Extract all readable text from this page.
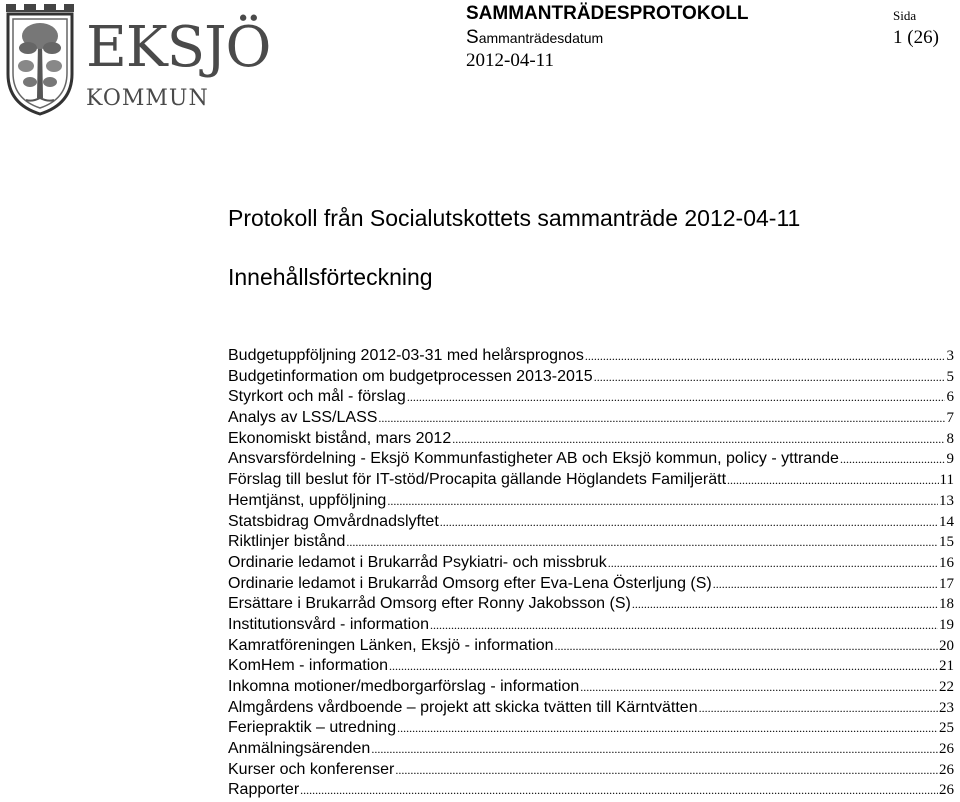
EKSJÖ
KOMMUN
SAMMANTRÄDESPROTOKOLL
Sammanträdesdatum
2012-04-11
Sida
1 (26)
Protokoll från Socialutskottets sammanträde 2012-04-11
Innehållsförteckning
Budgetuppföljning 2012-03-31 med helårsprognos .....	3
Budgetinformation om budgetprocessen 2013-2015 .....	5
Styrkort och mål - förslag .....	6
Analys av LSS/LASS .....	7
Ekonomiskt bistånd, mars 2012 .....	8
Ansvarsfördelning - Eksjö Kommunfastigheter AB och Eksjö kommun, policy - yttrande .....	9
Förslag till beslut för IT-stöd/Procapita gällande Höglandets Familjerätt .....	11
Hemtjänst, uppföljning .....	13
Statsbidrag Omvårdnadslyftet .....	14
Riktlinjer bistånd .....	15
Ordinarie ledamot i Brukarråd Psykiatri- och missbruk .....	16
Ordinarie ledamot i Brukarråd Omsorg efter Eva-Lena Österljung (S) .....	17
Ersättare i Brukarråd Omsorg efter Ronny Jakobsson (S) .....	18
Institutionsvård - information .....	19
Kamratföreningen Länken, Eksjö - information .....	20
KomHem - information .....	21
Inkomna motioner/medborgarförslag - information .....	22
Almgårdens vårdboende – projekt att skicka tvätten till Kärntvätten .....	23
Feriepraktik – utredning .....	25
Anmälningsärenden .....	26
Kurser och konferenser .....	26
Rapporter .....	26
